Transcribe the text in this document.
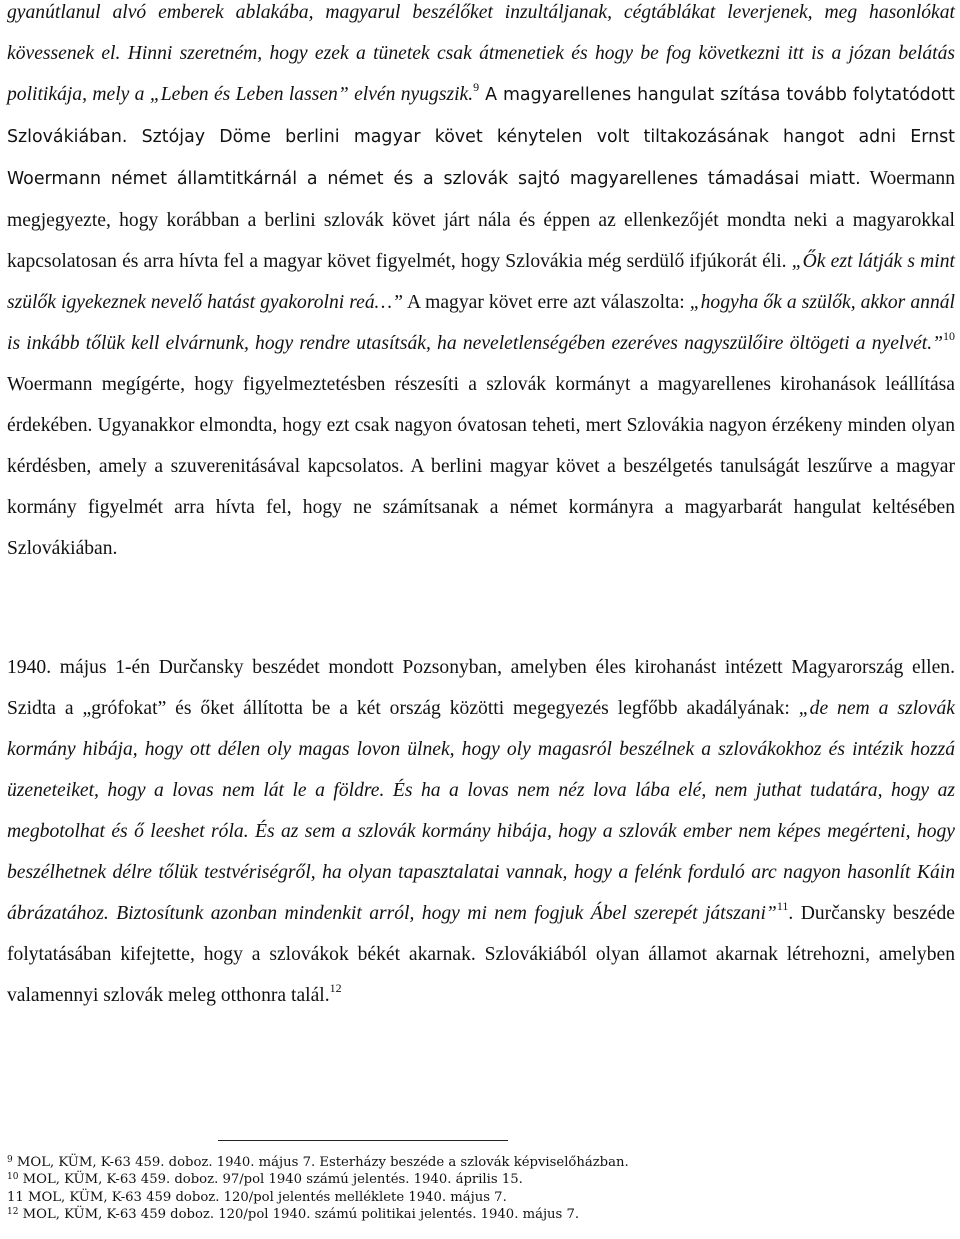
gyanútlanul alvó emberek ablakába, magyarul beszélőket inzultáljanak, cégtáblákat leverjenek, meg hasonlókat kövessenek el. Hinni szeretném, hogy ezek a tünetek csak átmenetiek és hogy be fog következni itt is a józan belátás politikája, mely a „Leben és Leben lassen” elvén nyugszik.$^9$ A magyarellenes hangulat szítása tovább folytatódott Szlovákiában. Sztójay Döme berlini magyar követ kénytelen volt tiltakozásának hangot adni Ernst Woermann német államtitkárnál a német és a szlovák sajtó magyarellenes támadásai miatt. Woermann megjegyezte, hogy korábban a berlini szlovák követ járt nála és éppen az ellenkezőjét mondta neki a magyarokkal kapcsolatosan és arra hívta fel a magyar követ figyelmét, hogy Szlovákia még serdülő ifjúkorát éli. „Ők ezt látják s mint szülők igyekeznek nevelő hatást gyakorolni reá…” A magyar követ erre azt válaszolta: „hogyha ők a szülők, akkor annál is inkább tőlük kell elvárnunk, hogy rendre utasítsák, ha neveletlenségében ezeréves nagyszülőire öltögeti a nyelvét.”$^{10}$ Woermann megígérte, hogy figyelmeztetésben részesíti a szlovák kormányt a magyarellenes kirohanások leállítása érdekében. Ugyanakkor elmondta, hogy ezt csak nagyon óvatosan teheti, mert Szlovákia nagyon érzékeny minden olyan kérdésben, amely a szuverenitásával kapcsolatos. A berlini magyar követ a beszélgetés tanulságát leszűrve a magyar kormány figyelmét arra hívta fel, hogy ne számítsanak a német kormányra a magyarbarát hangulat keltésében Szlovákiában.

1940. május 1-én Durčansky beszédet mondott Pozsonyban, amelyben éles kirohanást intézett Magyarország ellen. Szidta a „grófokat” és őket állította be a két ország közötti megegyezés legfőbb akadályának: „de nem a szlovák kormány hibája, hogy ott délen oly magas lovon ülnek, hogy oly magasról beszélnek a szlovákokhoz és intézik hozzá üzeneteiket, hogy a lovas nem lát le a földre. És ha a lovas nem néz lova lába elé, nem juthat tudatára, hogy az megbotolhat és ő leeshet róla. És az sem a szlovák kormány hibája, hogy a szlovák ember nem képes megérteni, hogy beszélhetnek délre tőlük testvériségről, ha olyan tapasztalatai vannak, hogy a felénk forduló arc nagyon hasonlít Káin ábrázatához. Biztosítunk azonban mindenkit arról, hogy mi nem fogjuk Ábel szerepét játszani”$^{11}$. Durčansky beszéde folytatásában kifejtette, hogy a szlovákok békét akarnak. Szlovákiából olyan államot akarnak létrehozni, amelyben valamennyi szlovák meleg otthonra talál.$^{12}$

$^9$ MOL, KÜM, K-63 459. doboz. 1940. május 7. Esterházy beszéde a szlovák képviselőházban.
$^{10}$ MOL, KÜM, K-63 459. doboz. 97/pol 1940 számú jelentés. 1940. április 15.
11 MOL, KÜM, K-63 459 doboz. 120/pol jelentés melléklete 1940. május 7.
$^{12}$ MOL, KÜM, K-63 459 doboz. 120/pol 1940. számú politikai jelentés. 1940. május 7.
